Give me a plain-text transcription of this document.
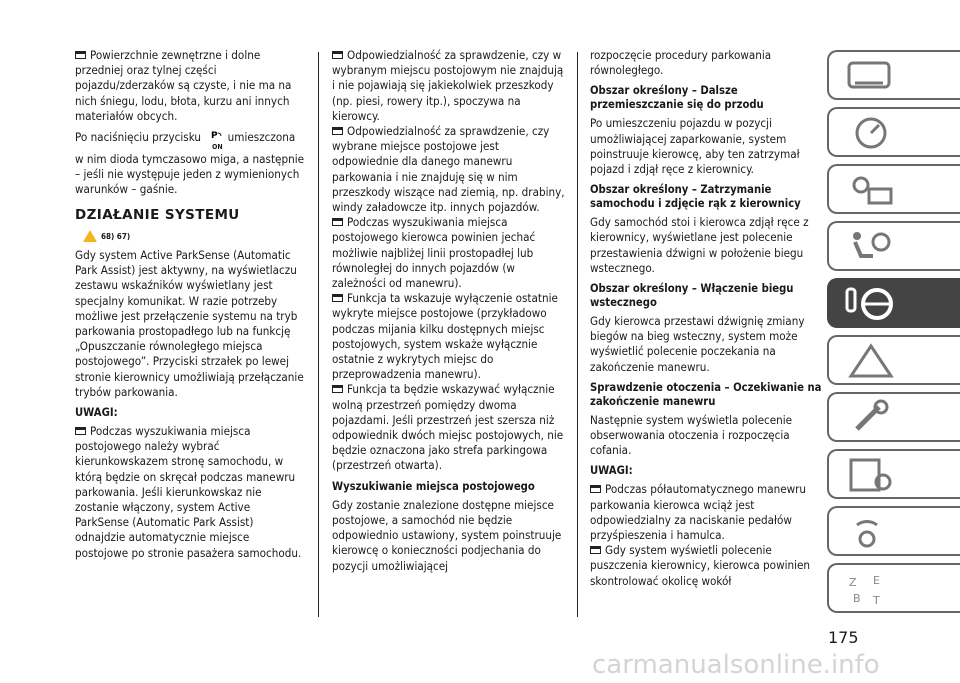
Powierzchnie zewnętrzne i dolne przedniej oraz tylnej części pojazdu/zderzaków są czyste, i nie ma na nich śniegu, lodu, błota, kurzu ani innych materiałów obcych.

Po naciśnięciu przycisku P

ON umieszczona w nim dioda tymczasowo miga, a następnie – jeśli nie występuje jeden z wymienionych warunków – gaśnie.

DZIAŁANIE SYSTEMU
68) 67)

Gdy system Active ParkSense (Automatic Park Assist) jest aktywny, na wyświetlaczu zestawu wskaźników wyświetlany jest specjalny komunikat. W razie potrzeby możliwe jest przełączenie systemu na tryb parkowania prostopadłego lub na funkcję „Opuszczanie równoległego miejsca postojowego”. Przyciski strzałek po lewej stronie kierownicy umożliwiają przełączanie trybów parkowania.

UWAGI:

Podczas wyszukiwania miejsca postojowego należy wybrać kierunkowskazem stronę samochodu, w którą będzie on skręcał podczas manewru parkowania. Jeśli kierunkowskaz nie zostanie włączony, system Active ParkSense (Automatic Park Assist) odnajdzie automatycznie miejsce postojowe po stronie pasażera samochodu.

Odpowiedzialność za sprawdzenie, czy w wybranym miejscu postojowym nie znajdują i nie pojawiają się jakiekolwiek przeszkody (np. piesi, rowery itp.), spoczywa na kierowcy.

Odpowiedzialność za sprawdzenie, czy wybrane miejsce postojowe jest odpowiednie dla danego manewru parkowania i nie znajduję się w nim przeszkody wiszące nad ziemią, np. drabiny, windy załadowcze itp. innych pojazdów.

Podczas wyszukiwania miejsca postojowego kierowca powinien jechać możliwie najbliżej linii prostopadłej lub równoległej do innych pojazdów (w zależności od manewru).

Funkcja ta wskazuje wyłączenie ostatnie wykryte miejsce postojowe (przykładowo podczas mijania kilku dostępnych miejsc postojowych, system wskaże wyłącznie ostatnie z wykrytych miejsc do przeprowadzenia manewru).

Funkcja ta będzie wskazywać wyłącznie wolną przestrzeń pomiędzy dwoma pojazdami. Jeśli przestrzeń jest szersza niż odpowiednik dwóch miejsc postojowych, nie będzie oznaczona jako strefa parkingowa (przestrzeń otwarta).

Wyszukiwanie miejsca postojowego

Gdy zostanie znalezione dostępne miejsce postojowe, a samochód nie będzie odpowiednio ustawiony, system poinstruuje kierowcę o konieczności podjechania do pozycji umożliwiającej

rozpoczęcie procedury parkowania równoległego.

Obszar określony – Dalsze przemieszczanie się do przodu

Po umieszczeniu pojazdu w pozycji umożliwiającej zaparkowanie, system poinstruuje kierowcę, aby ten zatrzymał pojazd i zdjął ręce z kierownicy.

Obszar określony – Zatrzymanie samochodu i zdjęcie rąk z kierownicy

Gdy samochód stoi i kierowca zdjął ręce z kierownicy, wyświetlane jest polecenie przestawienia dźwigni w położenie biegu wstecznego.

Obszar określony – Włączenie biegu wstecznego

Gdy kierowca przestawi dźwignię zmiany biegów na bieg wsteczny, system może wyświetlić polecenie poczekania na zakończenie manewru.

Sprawdzenie otoczenia – Oczekiwanie na zakończenie manewru

Następnie system wyświetla polecenie obserwowania otoczenia i rozpoczęcia cofania.

UWAGI:

Podczas półautomatycznego manewru parkowania kierowca wciąż jest odpowiedzialny za naciskanie pedałów przyśpieszenia i hamulca.

Gdy system wyświetli polecenie puszczenia kierownicy, kierowca powinien skontrolować okolicę wokół	Z E
B T
175
carmanualsonline.info
